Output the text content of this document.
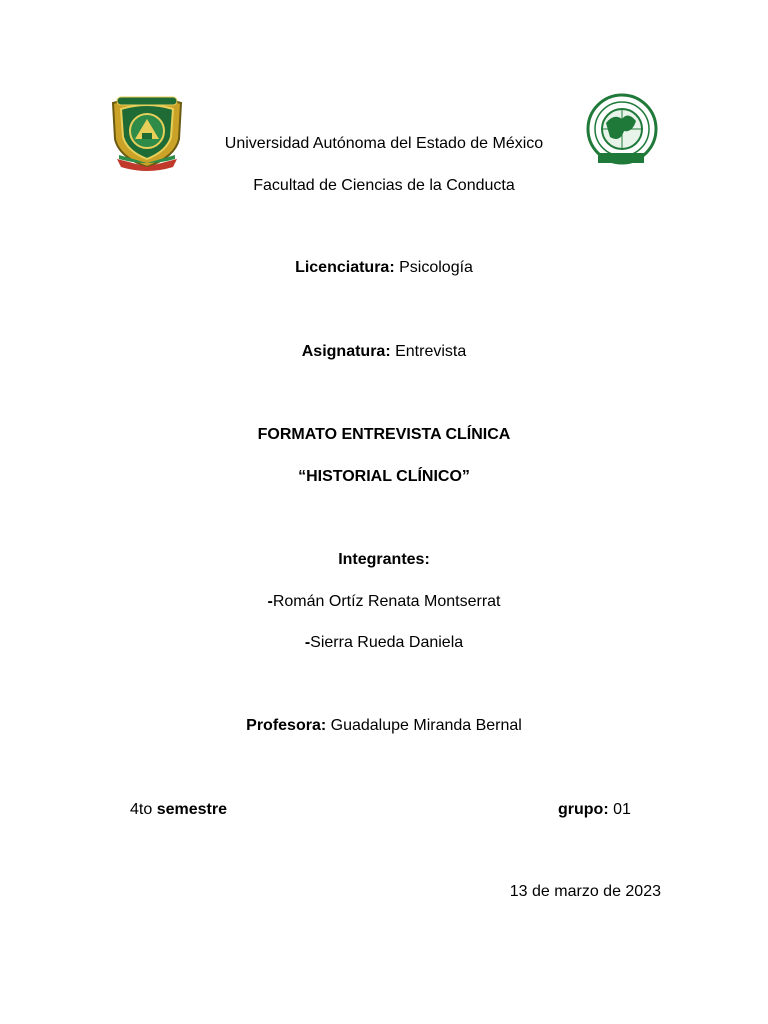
Universidad Autónoma del Estado de México
Facultad de Ciencias de la Conducta
Licenciatura: Psicología
Asignatura: Entrevista
FORMATO ENTREVISTA CLÍNICA
“HISTORIAL CLÍNICO”
Integrantes:
-Román Ortíz Renata Montserrat
-Sierra Rueda Daniela
Profesora: Guadalupe Miranda Bernal
4to semestre	grupo: 01
13 de marzo de 2023
